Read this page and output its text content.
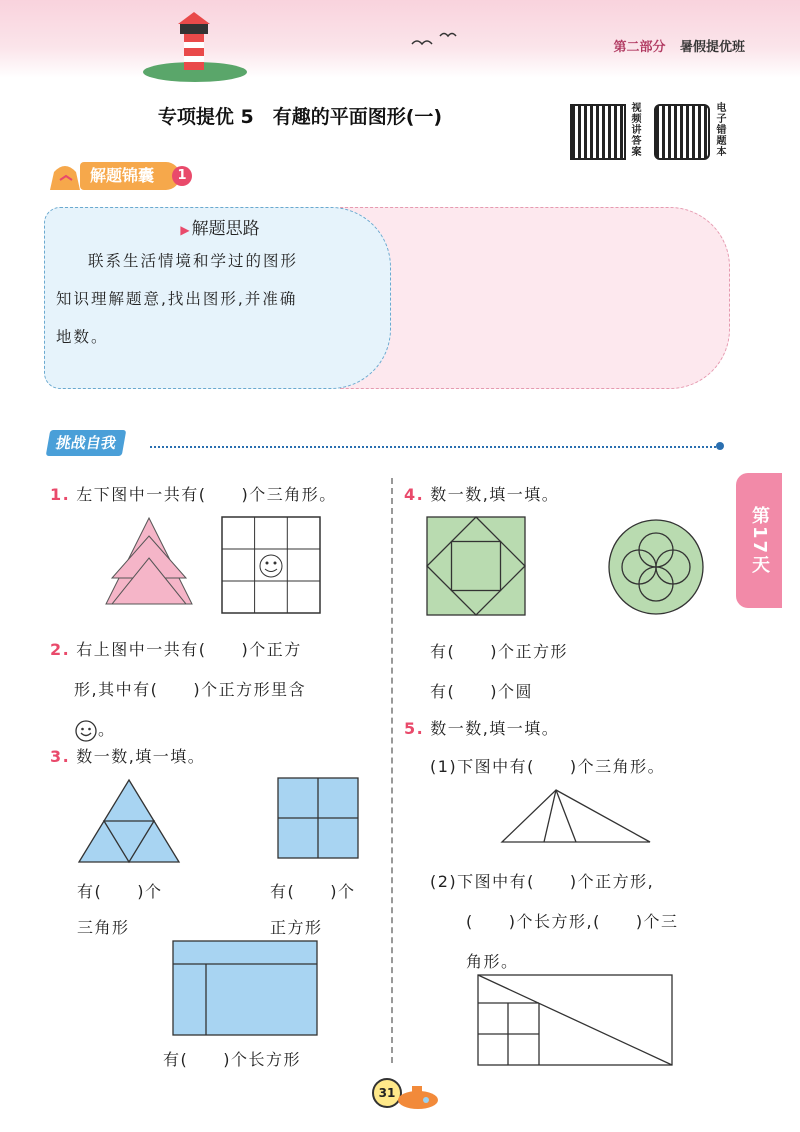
第二部分 暑假提优班
专项提优 5　有趣的平面图形(一)	视频讲答案	电子错题本
解题锦囊	1
▶ 解题思路
联系生活情境和学过的图形
知识理解题意,找出图形,并准确
地数。
挑战自我
第17天
1. 左下图中一共有(　　)个三角形。
2. 右上图中一共有(　　)个正方
形,其中有(　　)个正方形里含
。
3. 数一数,填一填。
有(　　)个
三角形
有(　　)个
正方形
有(　　)个长方形
4. 数一数,填一填。
有(　　)个正方形
有(　　)个圆
5. 数一数,填一填。
(1)下图中有(　　)个三角形。
(2)下图中有(　　)个正方形,
(　　)个长方形,(　　)个三
角形。
31
